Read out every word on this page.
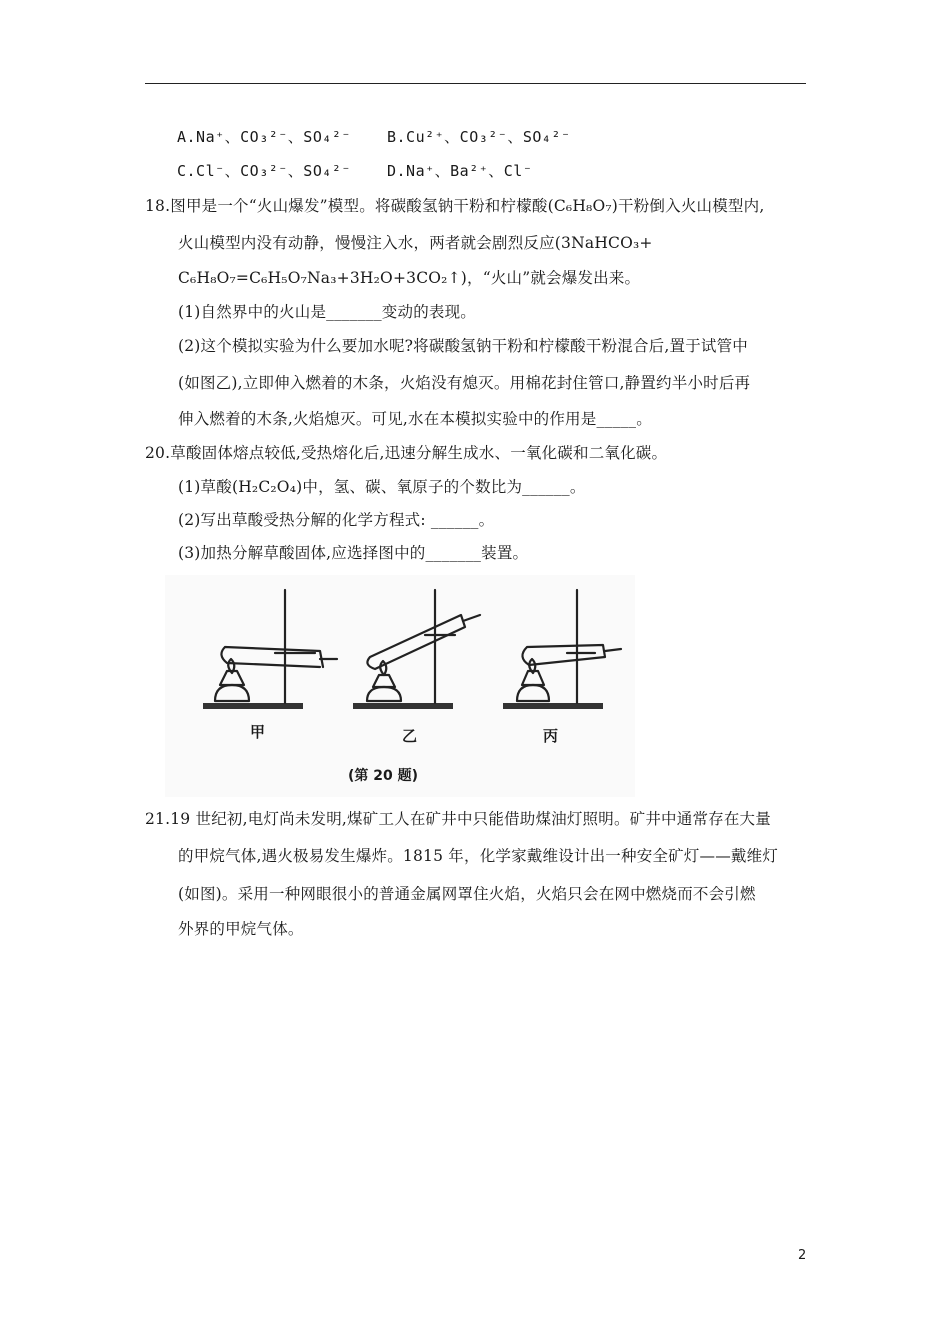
A.Na⁺、CO₃²⁻、SO₄²⁻ B.Cu²⁺、CO₃²⁻、SO₄²⁻
C.Cl⁻、CO₃²⁻、SO₄²⁻ D.Na⁺、Ba²⁺、Cl⁻
18.图甲是一个“火山爆发”模型。将碳酸氢钠干粉和柠檬酸(C₆H₈O₇)干粉倒入火山模型内,
火山模型内没有动静，慢慢注入水，两者就会剧烈反应(3NaHCO₃+
C₆H₈O₇=C₆H₅O₇Na₃+3H₂O+3CO₂↑)，“火山”就会爆发出来。
(1)自然界中的火山是_______变动的表现。
(2)这个模拟实验为什么要加水呢?将碳酸氢钠干粉和柠檬酸干粉混合后,置于试管中
(如图乙),立即伸入燃着的木条，火焰没有熄灭。用棉花封住管口,静置约半小时后再
伸入燃着的木条,火焰熄灭。可见,水在本模拟实验中的作用是_____。
20.草酸固体熔点较低,受热熔化后,迅速分解生成水、一氧化碳和二氧化碳。
(1)草酸(H₂C₂O₄)中，氢、碳、氧原子的个数比为______。
(2)写出草酸受热分解的化学方程式: ______。
(3)加热分解草酸固体,应选择图中的_______装置。
甲	乙	丙
(第 20 题)
21.19 世纪初,电灯尚未发明,煤矿工人在矿井中只能借助煤油灯照明。矿井中通常存在大量
的甲烷气体,遇火极易发生爆炸。1815 年，化学家戴维设计出一种安全矿灯——戴维灯
(如图)。采用一种网眼很小的普通金属网罩住火焰，火焰只会在网中燃烧而不会引燃
外界的甲烷气体。
2
